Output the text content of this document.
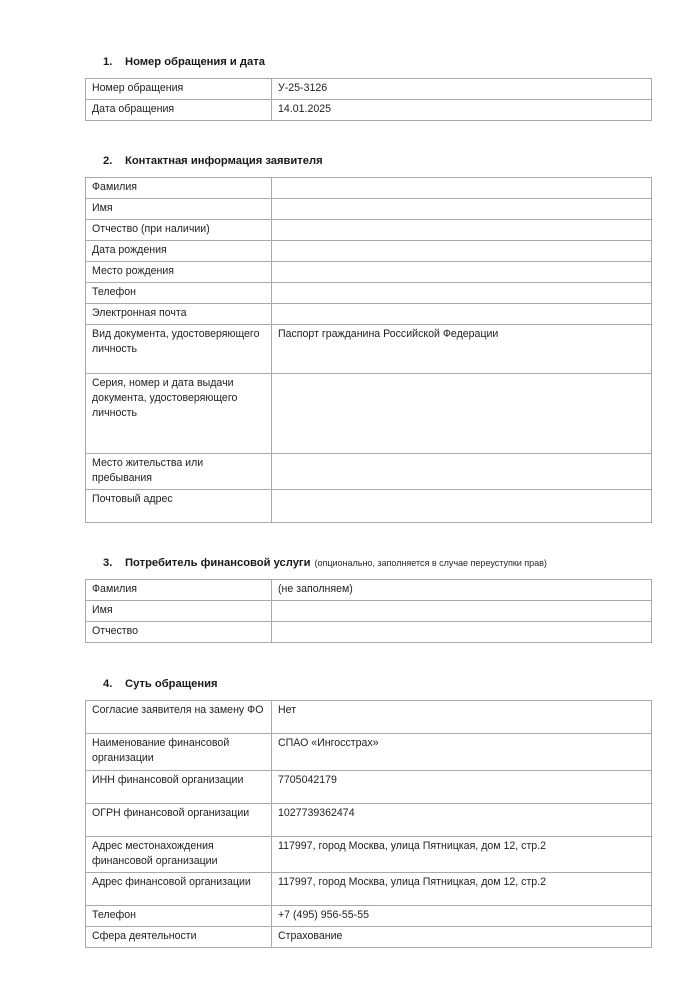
1.	Номер обращения и дата
Номер обращения	У-25-3126
Дата обращения	14.01.2025
2.	Контактная информация заявителя
Фамилия	
Имя	
Отчество (при наличии)	
Дата рождения	
Место рождения	
Телефон	
Электронная почта	
Вид документа, удостоверяющего личность	Паспорт гражданина Российской Федерации
Серия, номер и дата выдачи документа, удостоверяющего личность	
Место жительства или пребывания	
Почтовый адрес	
3.	Потребитель финансовой услуги (опционально, заполняется в случае переуступки прав)
Фамилия	(не заполняем)
Имя	
Отчество	
4.	Суть обращения
Согласие заявителя на замену ФО	Нет
Наименование финансовой организации	СПАО «Ингосстрах»
ИНН финансовой организации	7705042179
ОГРН финансовой организации	1027739362474
Адрес местонахождения финансовой организации	117997, город Москва, улица Пятницкая, дом 12, стр.2
Адрес финансовой организации	117997, город Москва, улица Пятницкая, дом 12, стр.2
Телефон	+7 (495) 956-55-55
Сфера деятельности	Страхование
